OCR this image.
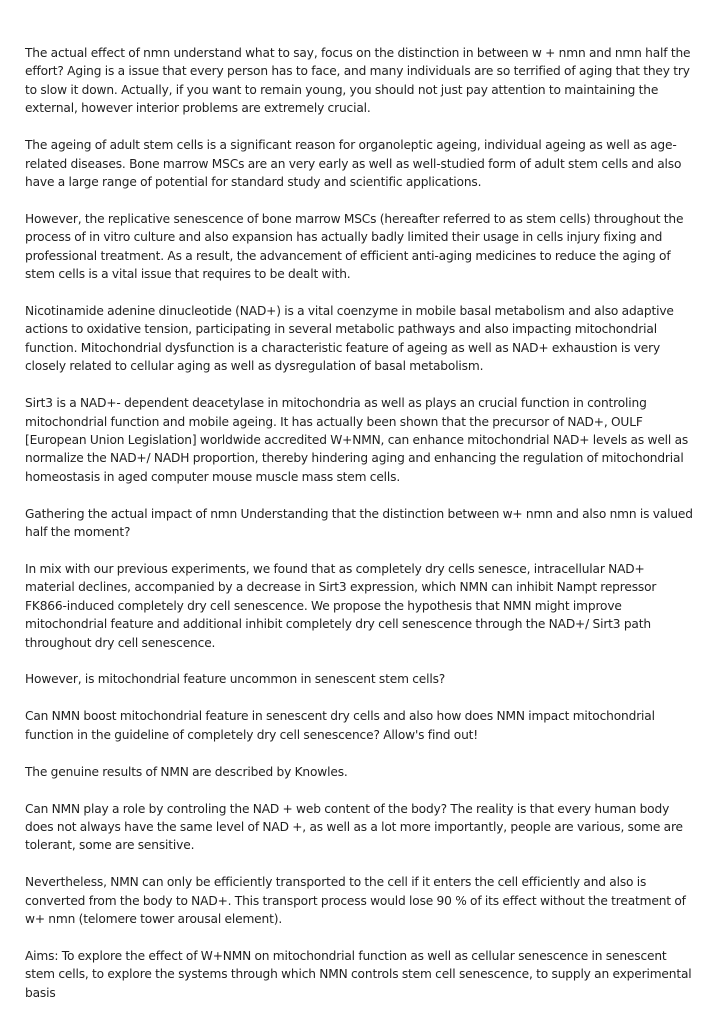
The actual effect of nmn understand what to say, focus on the distinction in between w + nmn and nmn half the effort? Aging is a issue that every person has to face, and many individuals are so terrified of aging that they try to slow it down. Actually, if you want to remain young, you should not just pay attention to maintaining the external, however interior problems are extremely crucial.

The ageing of adult stem cells is a significant reason for organoleptic ageing, individual ageing as well as age-related diseases. Bone marrow MSCs are an very early as well as well-studied form of adult stem cells and also have a large range of potential for standard study and scientific applications.

However, the replicative senescence of bone marrow MSCs (hereafter referred to as stem cells) throughout the process of in vitro culture and also expansion has actually badly limited their usage in cells injury fixing and professional treatment. As a result, the advancement of efficient anti-aging medicines to reduce the aging of stem cells is a vital issue that requires to be dealt with.

Nicotinamide adenine dinucleotide (NAD+) is a vital coenzyme in mobile basal metabolism and also adaptive actions to oxidative tension, participating in several metabolic pathways and also impacting mitochondrial function. Mitochondrial dysfunction is a characteristic feature of ageing as well as NAD+ exhaustion is very closely related to cellular aging as well as dysregulation of basal metabolism.

Sirt3 is a NAD+- dependent deacetylase in mitochondria as well as plays an crucial function in controling mitochondrial function and mobile ageing. It has actually been shown that the precursor of NAD+, OULF [European Union Legislation] worldwide accredited W+NMN, can enhance mitochondrial NAD+ levels as well as normalize the NAD+/ NADH proportion, thereby hindering aging and enhancing the regulation of mitochondrial homeostasis in aged computer mouse muscle mass stem cells.

Gathering the actual impact of nmn Understanding that the distinction between w+ nmn and also nmn is valued half the moment?

In mix with our previous experiments, we found that as completely dry cells senesce, intracellular NAD+ material declines, accompanied by a decrease in Sirt3 expression, which NMN can inhibit Nampt repressor FK866-induced completely dry cell senescence. We propose the hypothesis that NMN might improve mitochondrial feature and additional inhibit completely dry cell senescence through the NAD+/ Sirt3 path throughout dry cell senescence.

However, is mitochondrial feature uncommon in senescent stem cells?

Can NMN boost mitochondrial feature in senescent dry cells and also how does NMN impact mitochondrial function in the guideline of completely dry cell senescence? Allow's find out!

The genuine results of NMN are described by Knowles.

Can NMN play a role by controling the NAD + web content of the body? The reality is that every human body does not always have the same level of NAD +, as well as a lot more importantly, people are various, some are tolerant, some are sensitive.

Nevertheless, NMN can only be efficiently transported to the cell if it enters the cell efficiently and also is converted from the body to NAD+. This transport process would lose 90 % of its effect without the treatment of w+ nmn (telomere tower arousal element).

Aims: To explore the effect of W+NMN on mitochondrial function as well as cellular senescence in senescent stem cells, to explore the systems through which NMN controls stem cell senescence, to supply an experimental basis
